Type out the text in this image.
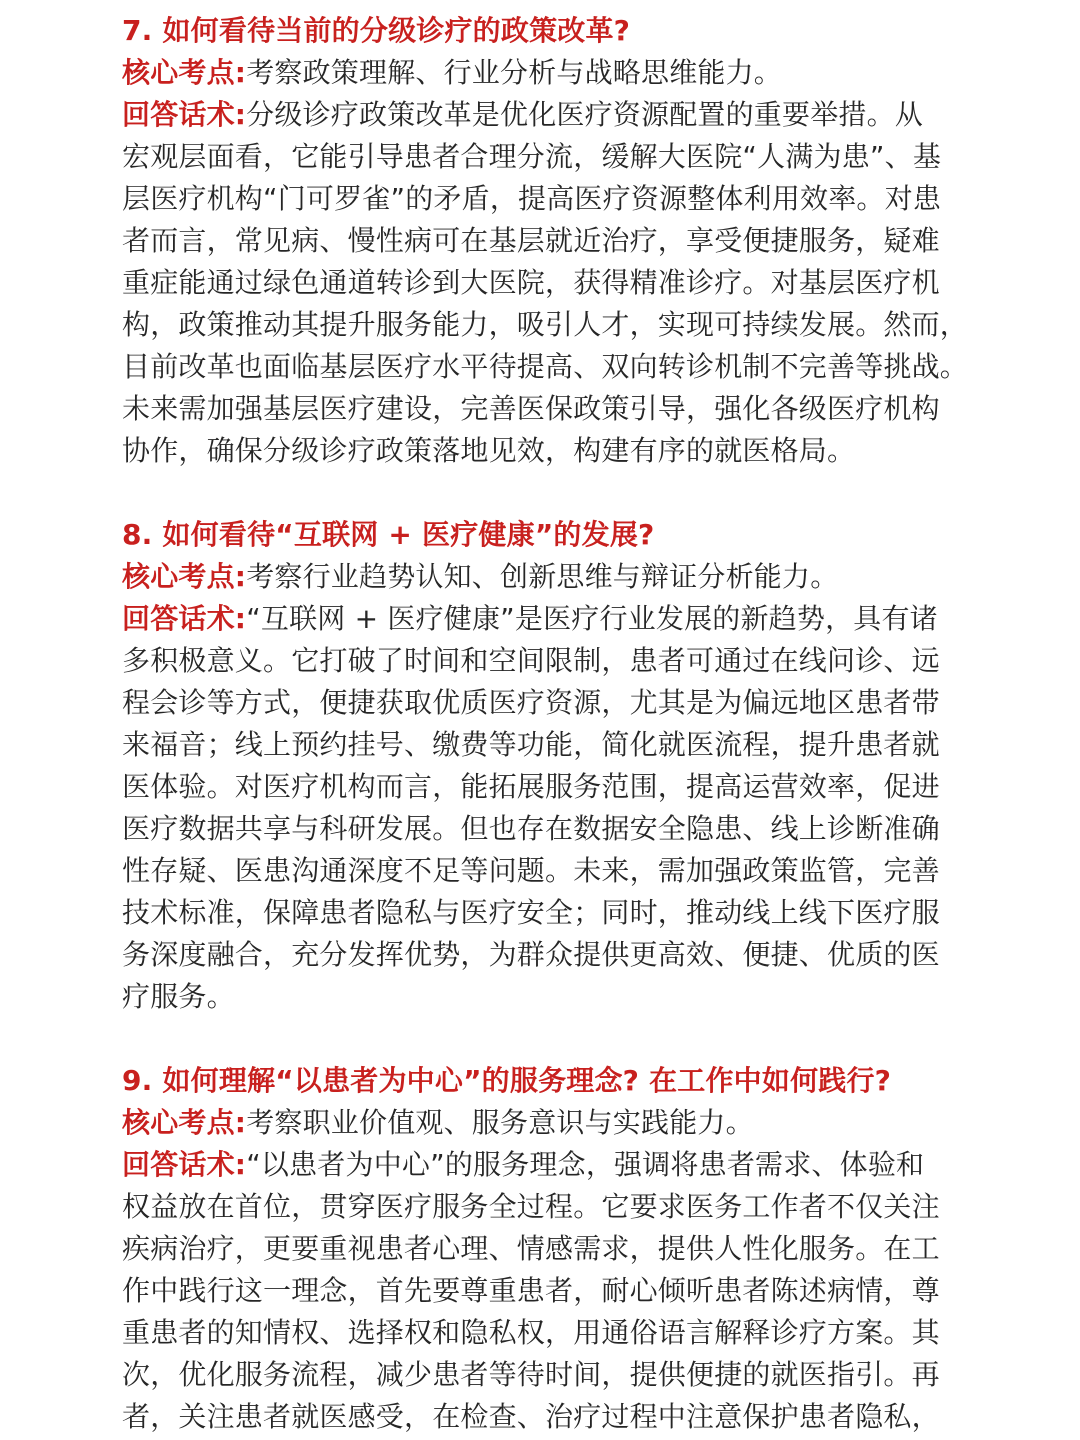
7. 如何看待当前的分级诊疗的政策改革?
核心考点:考察政策理解、行业分析与战略思维能力。
回答话术:分级诊疗政策改革是优化医疗资源配置的重要举措。从
宏观层面看，它能引导患者合理分流，缓解大医院“人满为患”、基
层医疗机构“门可罗雀”的矛盾，提高医疗资源整体利用效率。对患
者而言，常见病、慢性病可在基层就近治疗，享受便捷服务，疑难
重症能通过绿色通道转诊到大医院，获得精准诊疗。对基层医疗机
构，政策推动其提升服务能力，吸引人才，实现可持续发展。然而，
目前改革也面临基层医疗水平待提高、双向转诊机制不完善等挑战。
未来需加强基层医疗建设，完善医保政策引导，强化各级医疗机构
协作，确保分级诊疗政策落地见效，构建有序的就医格局。
8. 如何看待“互联网 + 医疗健康”的发展?
核心考点:考察行业趋势认知、创新思维与辩证分析能力。
回答话术:“互联网 + 医疗健康”是医疗行业发展的新趋势，具有诸
多积极意义。它打破了时间和空间限制，患者可通过在线问诊、远
程会诊等方式，便捷获取优质医疗资源，尤其是为偏远地区患者带
来福音；线上预约挂号、缴费等功能，简化就医流程，提升患者就
医体验。对医疗机构而言，能拓展服务范围，提高运营效率，促进
医疗数据共享与科研发展。但也存在数据安全隐患、线上诊断准确
性存疑、医患沟通深度不足等问题。未来，需加强政策监管，完善
技术标准，保障患者隐私与医疗安全；同时，推动线上线下医疗服
务深度融合，充分发挥优势，为群众提供更高效、便捷、优质的医
疗服务。
9. 如何理解“以患者为中心”的服务理念? 在工作中如何践行?
核心考点:考察职业价值观、服务意识与实践能力。
回答话术:“以患者为中心”的服务理念，强调将患者需求、体验和
权益放在首位，贯穿医疗服务全过程。它要求医务工作者不仅关注
疾病治疗，更要重视患者心理、情感需求，提供人性化服务。在工
作中践行这一理念，首先要尊重患者，耐心倾听患者陈述病情，尊
重患者的知情权、选择权和隐私权，用通俗语言解释诊疗方案。其
次，优化服务流程，减少患者等待时间，提供便捷的就医指引。再
者，关注患者就医感受，在检查、治疗过程中注意保护患者隐私，
